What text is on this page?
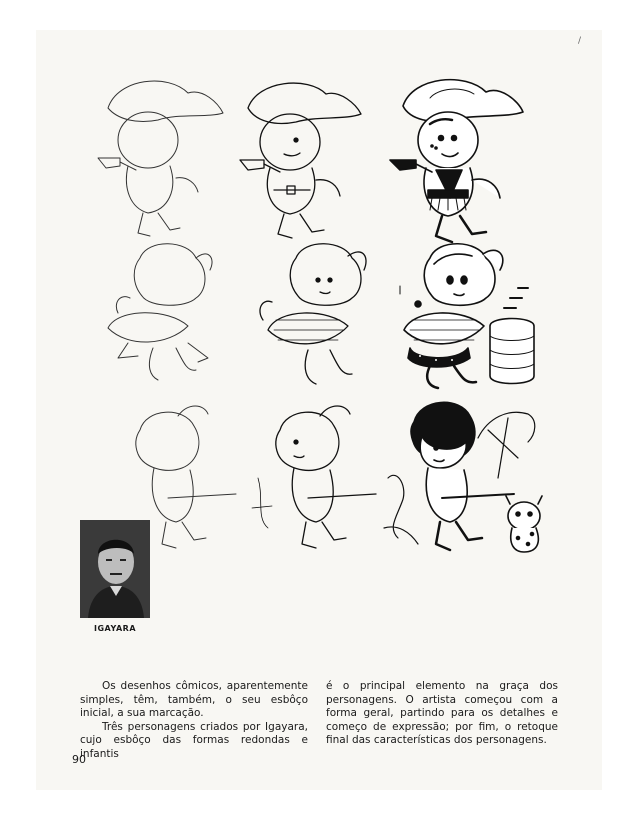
/
IGAYARA

Os desenhos cômicos, aparentemente simples, têm, também, o seu esbôço inicial, a sua marcação.

Três personagens criados por Igayara, cujo esbôço das formas redondas e infantis

é o principal elemento na graça dos personagens. O artista começou com a forma geral, partindo para os detalhes e começo de expressão; por fim, o retoque final das características dos personagens.

90
